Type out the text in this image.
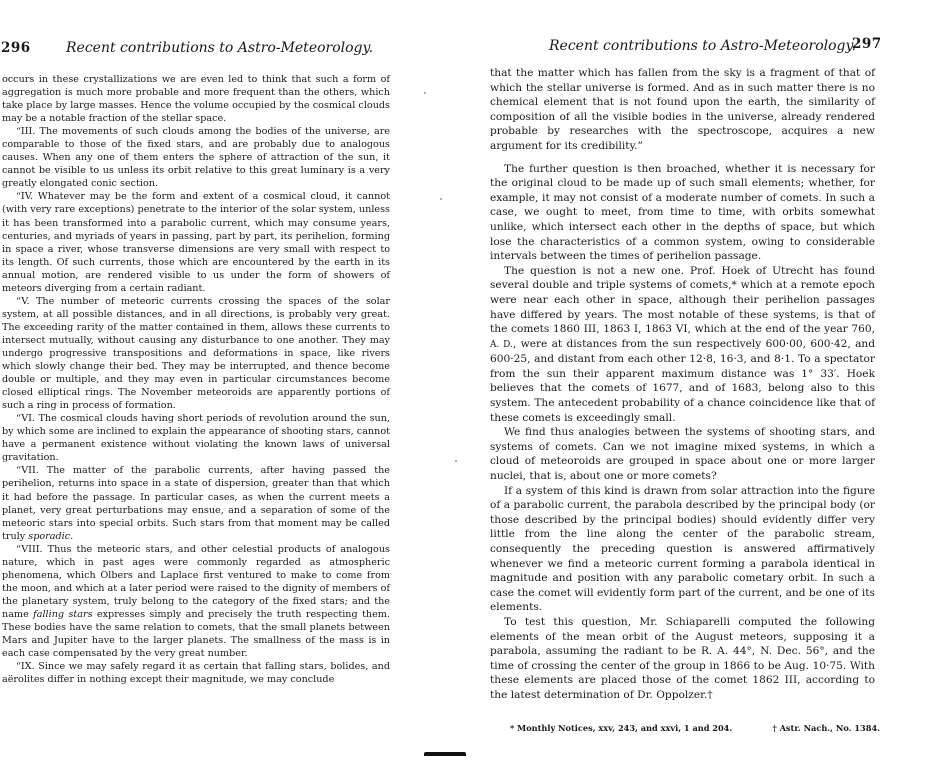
296	Recent contributions to Astro-Meteorology.

occurs in these crystallizations we are even led to think that such a form of aggregation is much more probable and more frequent than the others, which take place by large masses. Hence the volume occupied by the cosmical clouds may be a notable fraction of the stellar space.

“III. The movements of such clouds among the bodies of the universe, are comparable to those of the fixed stars, and are probably due to analogous causes. When any one of them enters the sphere of attraction of the sun, it cannot be visible to us unless its orbit relative to this great luminary is a very greatly elongated conic section.

“IV. Whatever may be the form and extent of a cosmical cloud, it cannot (with very rare exceptions) penetrate to the interior of the solar system, unless it has been transformed into a parabolic current, which may consume years, centuries, and myriads of years in passing, part by part, its perihelion, forming in space a river, whose transverse dimensions are very small with respect to its length. Of such currents, those which are encountered by the earth in its annual motion, are rendered visible to us under the form of showers of meteors diverging from a certain radiant.

“V. The number of meteoric currents crossing the spaces of the solar system, at all possible distances, and in all directions, is probably very great. The exceeding rarity of the matter contained in them, allows these currents to intersect mutually, without causing any disturbance to one another. They may undergo progressive transpositions and deformations in space, like rivers which slowly change their bed. They may be interrupted, and thence become double or multiple, and they may even in particular circumstances become closed elliptical rings. The November meteoroids are apparently portions of such a ring in process of formation.

“VI. The cosmical clouds having short periods of revolution around the sun, by which some are inclined to explain the appearance of shooting stars, cannot have a permanent existence without violating the known laws of universal gravitation.

“VII. The matter of the parabolic currents, after having passed the perihelion, returns into space in a state of dispersion, greater than that which it had before the passage. In particular cases, as when the current meets a planet, very great perturbations may ensue, and a separation of some of the meteoric stars into special orbits. Such stars from that moment may be called truly sporadic.

“VIII. Thus the meteoric stars, and other celestial products of analogous nature, which in past ages were commonly regarded as atmospheric phenomena, which Olbers and Laplace first ventured to make to come from the moon, and which at a later period were raised to the dignity of members of the planetary system, truly belong to the category of the fixed stars; and the name falling stars expresses simply and precisely the truth respecting them. These bodies have the same relation to comets, that the small planets between Mars and Jupiter have to the larger planets. The smallness of the mass is in each case compensated by the very great number.

“IX. Since we may safely regard it as certain that falling stars, bolides, and aërolites differ in nothing except their magnitude, we may conclude

Recent contributions to Astro-Meteorology.
297

that the matter which has fallen from the sky is a fragment of that of which the stellar universe is formed. And as in such matter there is no chemical element that is not found upon the earth, the similarity of composition of all the visible bodies in the universe, already rendered probable by researches with the spectroscope, acquires a new argument for its credibility.”

The further question is then broached, whether it is necessary for the original cloud to be made up of such small elements; whether, for example, it may not consist of a moderate number of comets. In such a case, we ought to meet, from time to time, with orbits somewhat unlike, which intersect each other in the depths of space, but which lose the characteristics of a common system, owing to considerable intervals between the times of perihelion passage.

The question is not a new one. Prof. Hoek of Utrecht has found several double and triple systems of comets,* which at a remote epoch were near each other in space, although their perihelion passages have differed by years. The most notable of these systems, is that of the comets 1860 III, 1863 I, 1863 VI, which at the end of the year 760, A. D., were at distances from the sun respectively 600·00, 600·42, and 600·25, and distant from each other 12·8, 16·3, and 8·1. To a spectator from the sun their apparent maximum distance was 1° 33′. Hoek believes that the comets of 1677, and of 1683, belong also to this system. The antecedent probability of a chance coincidence like that of these comets is exceedingly small.

We find thus analogies between the systems of shooting stars, and systems of comets. Can we not imagine mixed systems, in which a cloud of meteoroids are grouped in space about one or more larger nuclei, that is, about one or more comets?

If a system of this kind is drawn from solar attraction into the figure of a parabolic current, the parabola described by the principal body (or those described by the principal bodies) should evidently differ very little from the line along the center of the parabolic stream, consequently the preceding question is answered affirmatively whenever we find a meteoric current forming a parabola identical in magnitude and position with any parabolic cometary orbit. In such a case the comet will evidently form part of the current, and be one of its elements.

To test this question, Mr. Schiaparelli computed the following elements of the mean orbit of the August meteors, supposing it a parabola, assuming the radiant to be R. A. 44°, N. Dec. 56°, and the time of crossing the center of the group in 1866 to be Aug. 10·75. With these elements are placed those of the comet 1862 III, according to the latest determination of Dr. Oppolzer.†

* Monthly Notices, xxv, 243, and xxvi, 1 and 204.	† Astr. Nach., No. 1384.
